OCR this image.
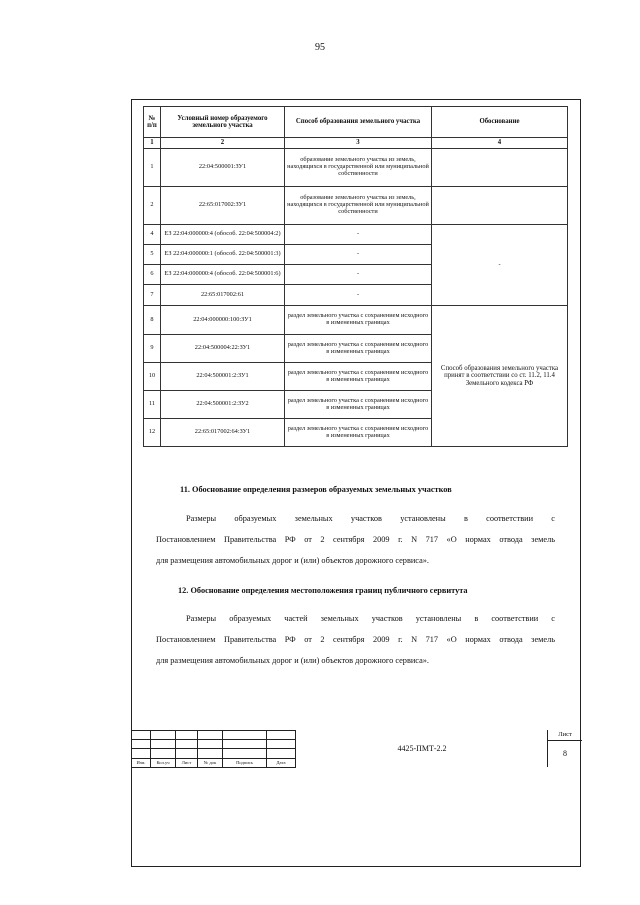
95
№ п/п	Условный номер образуемого земельного участка	Способ образования земельного участка	Обоснование
1	2	3	4
1	22:04:500001:ЗУ1	образование земельного участка из земель, находящихся в государственной или муниципальной собственности	
2	22:65:017002:ЗУ1	образование земельного участка из земель, находящихся в государственной или муниципальной собственности	
4	ЕЗ 22:04:000000:4 (обособ. 22:04:500004:2)	-	-
5	ЕЗ 22:04:000000:1 (обособ. 22:04:500001:3)	-	
6	ЕЗ 22:04:000000:4 (обособ. 22:04:500001:6)	-	
7	22:65:017002:61	-	
8	22:04:000000:100:ЗУ1	раздел земельного участка с сохранением исходного в измененных границах	Способ образования земельного участка принят в соответствии со ст. 11.2, 11.4 Земельного кодекса РФ
9	22:04:500004:22:ЗУ1	раздел земельного участка с сохранением исходного в измененных границах	
10	22:04:500001:2:ЗУ1	раздел земельного участка с сохранением исходного в измененных границах	
11	22:04:500001:2:ЗУ2	раздел земельного участка с сохранением исходного в измененных границах	
12	22:65:017002:64:ЗУ1	раздел земельного участка с сохранением исходного в измененных границах	
11. Обоснование определения размеров образуемых земельных участков
Размеры образуемых земельных участков установлены в соответствии с
Постановлением Правительства РФ от 2 сентября 2009 г. N 717 «О нормах отвода земель
для размещения автомобильных дорог и (или) объектов дорожного сервиса».
12. Обоснование определения местоположения границ публичного сервитута
Размеры образуемых частей земельных участков установлены в соответствии с
Постановлением Правительства РФ от 2 сентября 2009 г. N 717 «О нормах отвода земель
для размещения автомобильных дорог и (или) объектов дорожного сервиса».

Изм.	Кол.уч	Лист	№ док	Подпись	Дата
4425-ПМТ-2.2
Лист
8
